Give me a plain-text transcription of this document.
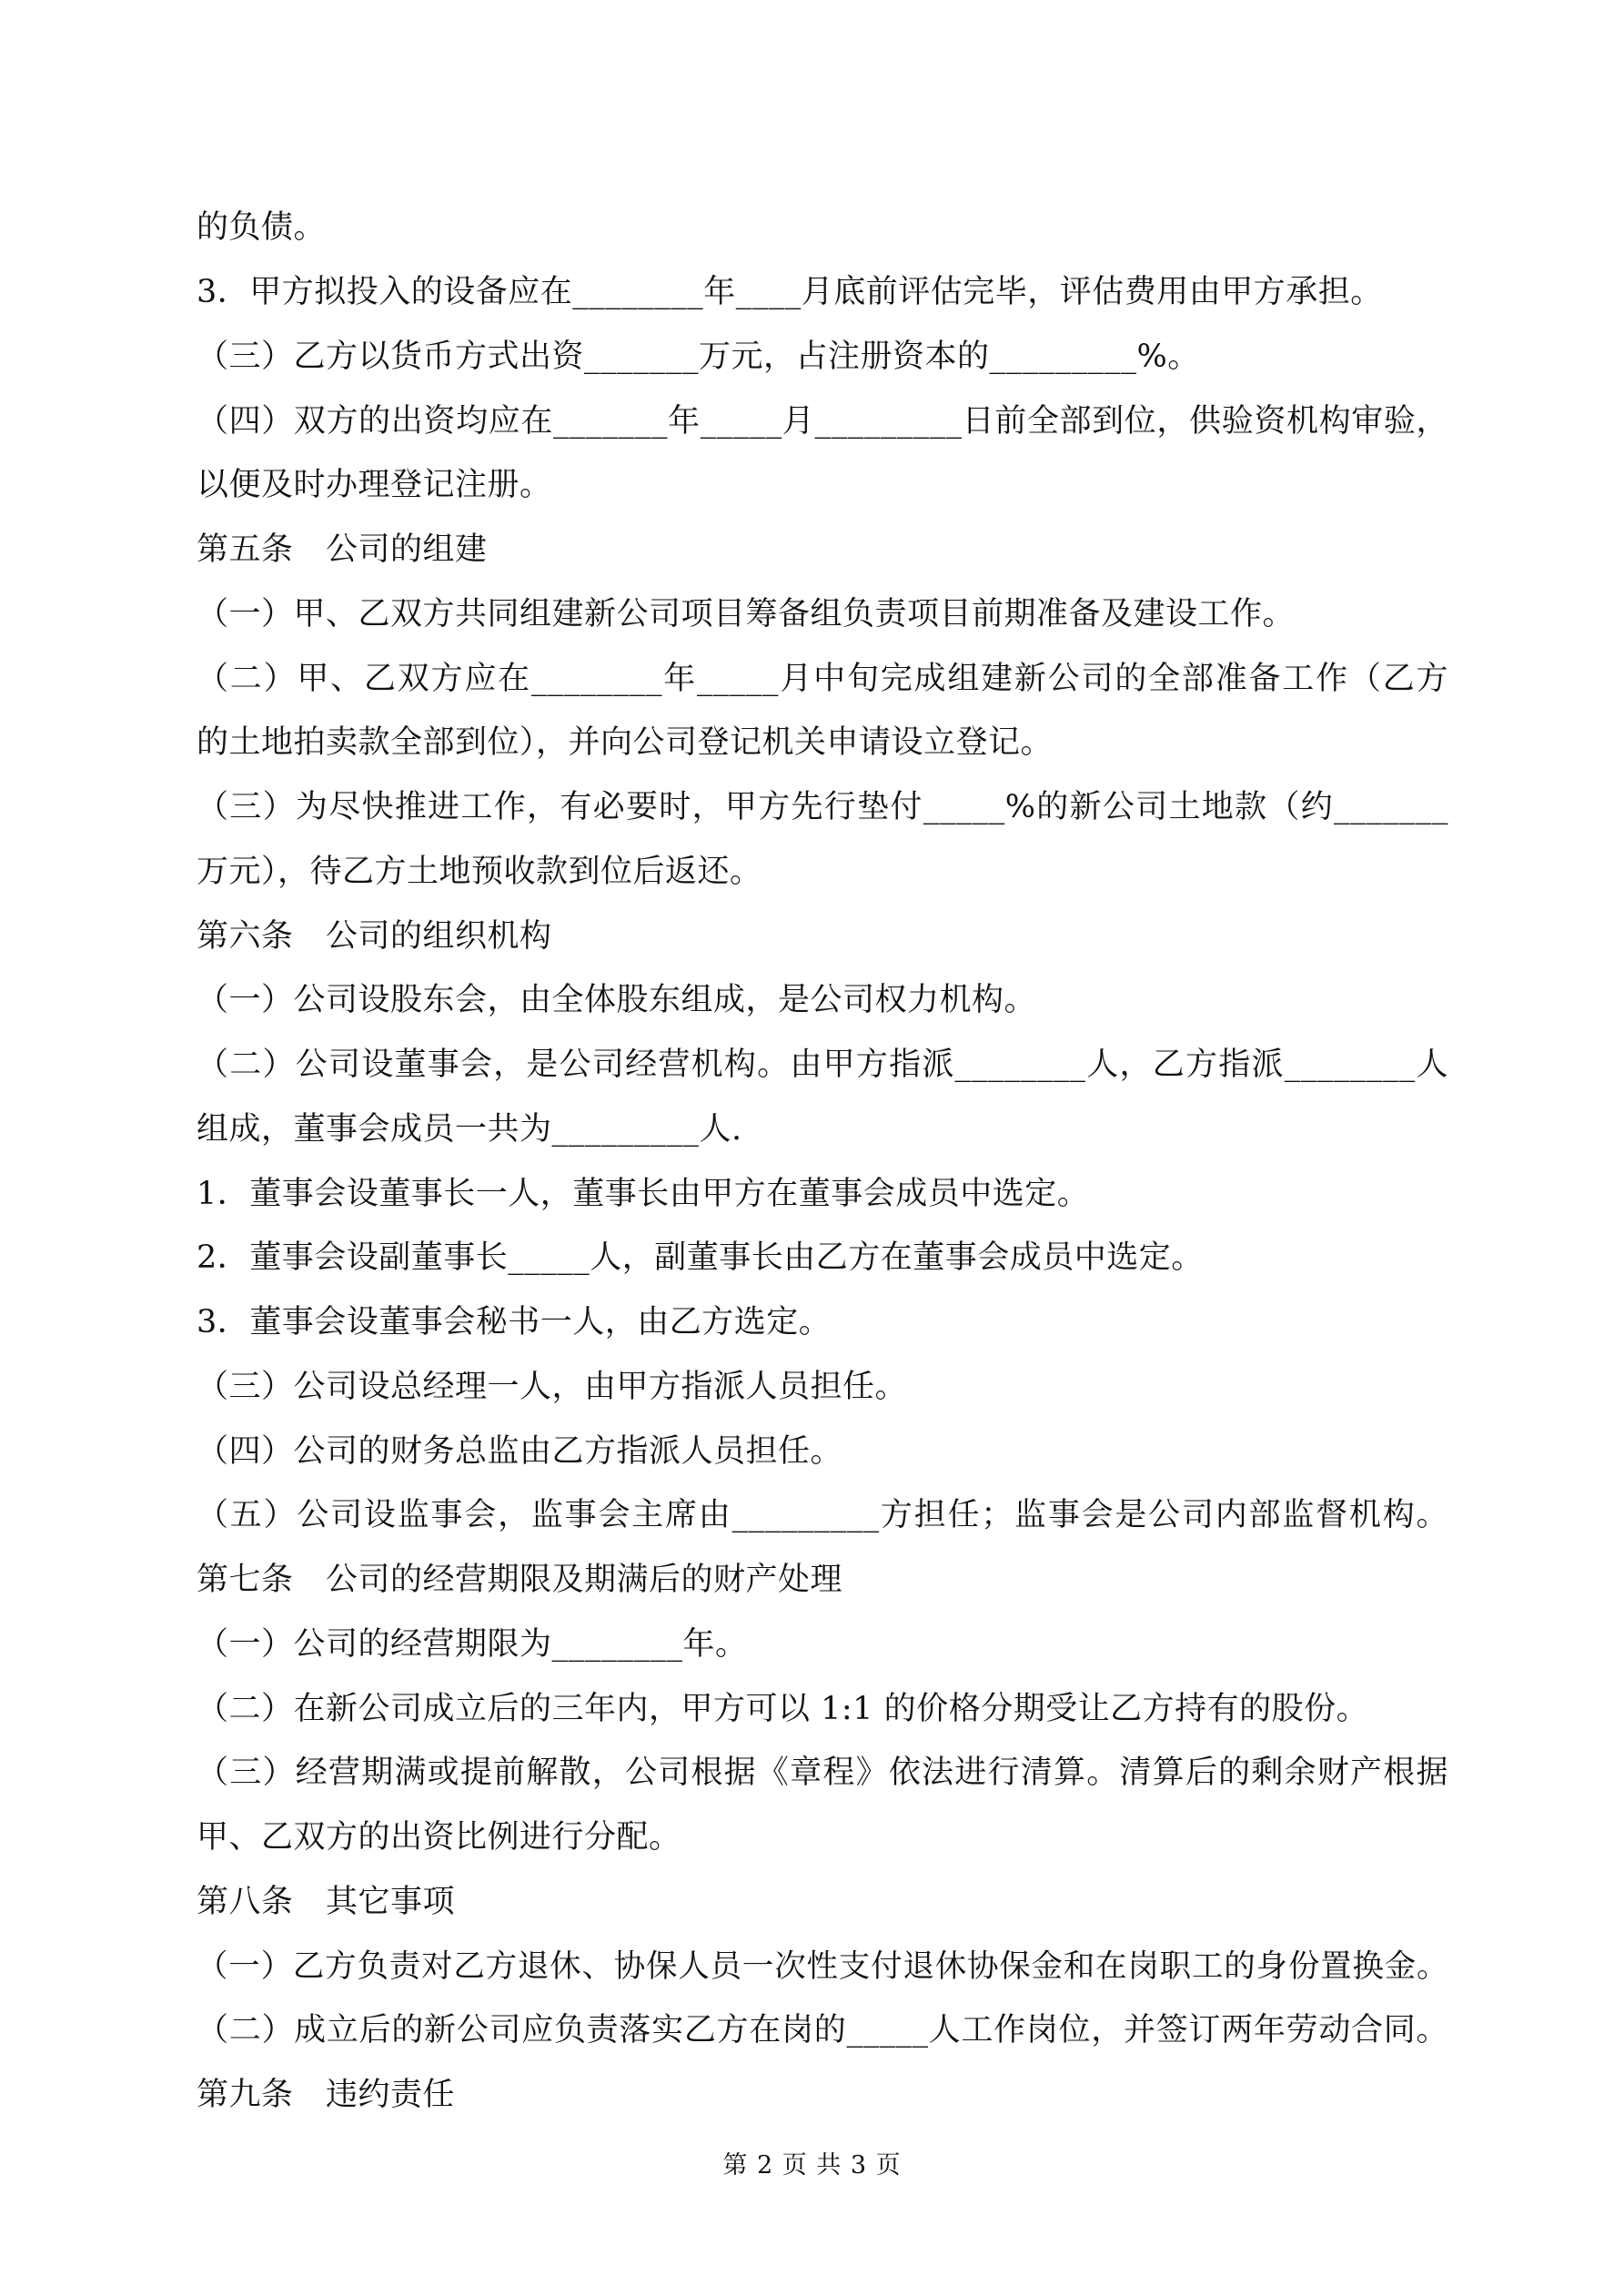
的负债。
3．甲方拟投入的设备应在________年____月底前评估完毕，评估费用由甲方承担。
（三）乙方以货币方式出资_______万元，占注册资本的_________%。
（四）双方的出资均应在_______年_____月_________日前全部到位，供验资机构审验，
以便及时办理登记注册。
第五条　公司的组建
（一）甲、乙双方共同组建新公司项目筹备组负责项目前期准备及建设工作。
（二）甲、乙双方应在________年_____月中旬完成组建新公司的全部准备工作（乙方
的土地拍卖款全部到位），并向公司登记机关申请设立登记。
（三）为尽快推进工作，有必要时，甲方先行垫付_____%的新公司土地款（约_______
万元），待乙方土地预收款到位后返还。
第六条　公司的组织机构
（一）公司设股东会，由全体股东组成，是公司权力机构。
（二）公司设董事会，是公司经营机构。由甲方指派________人，乙方指派________人
组成，董事会成员一共为_________人.
1．董事会设董事长一人，董事长由甲方在董事会成员中选定。
2．董事会设副董事长_____人，副董事长由乙方在董事会成员中选定。
3．董事会设董事会秘书一人，由乙方选定。
（三）公司设总经理一人，由甲方指派人员担任。
（四）公司的财务总监由乙方指派人员担任。
（五）公司设监事会，监事会主席由_________方担任；监事会是公司内部监督机构。
第七条　公司的经营期限及期满后的财产处理
（一）公司的经营期限为________年。
（二）在新公司成立后的三年内，甲方可以 1:1 的价格分期受让乙方持有的股份。
（三）经营期满或提前解散，公司根据《章程》依法进行清算。清算后的剩余财产根据
甲、乙双方的出资比例进行分配。
第八条　其它事项
（一）乙方负责对乙方退休、协保人员一次性支付退休协保金和在岗职工的身份置换金。
（二）成立后的新公司应负责落实乙方在岗的_____人工作岗位，并签订两年劳动合同。
第九条　违约责任
第 2 页 共 3 页
